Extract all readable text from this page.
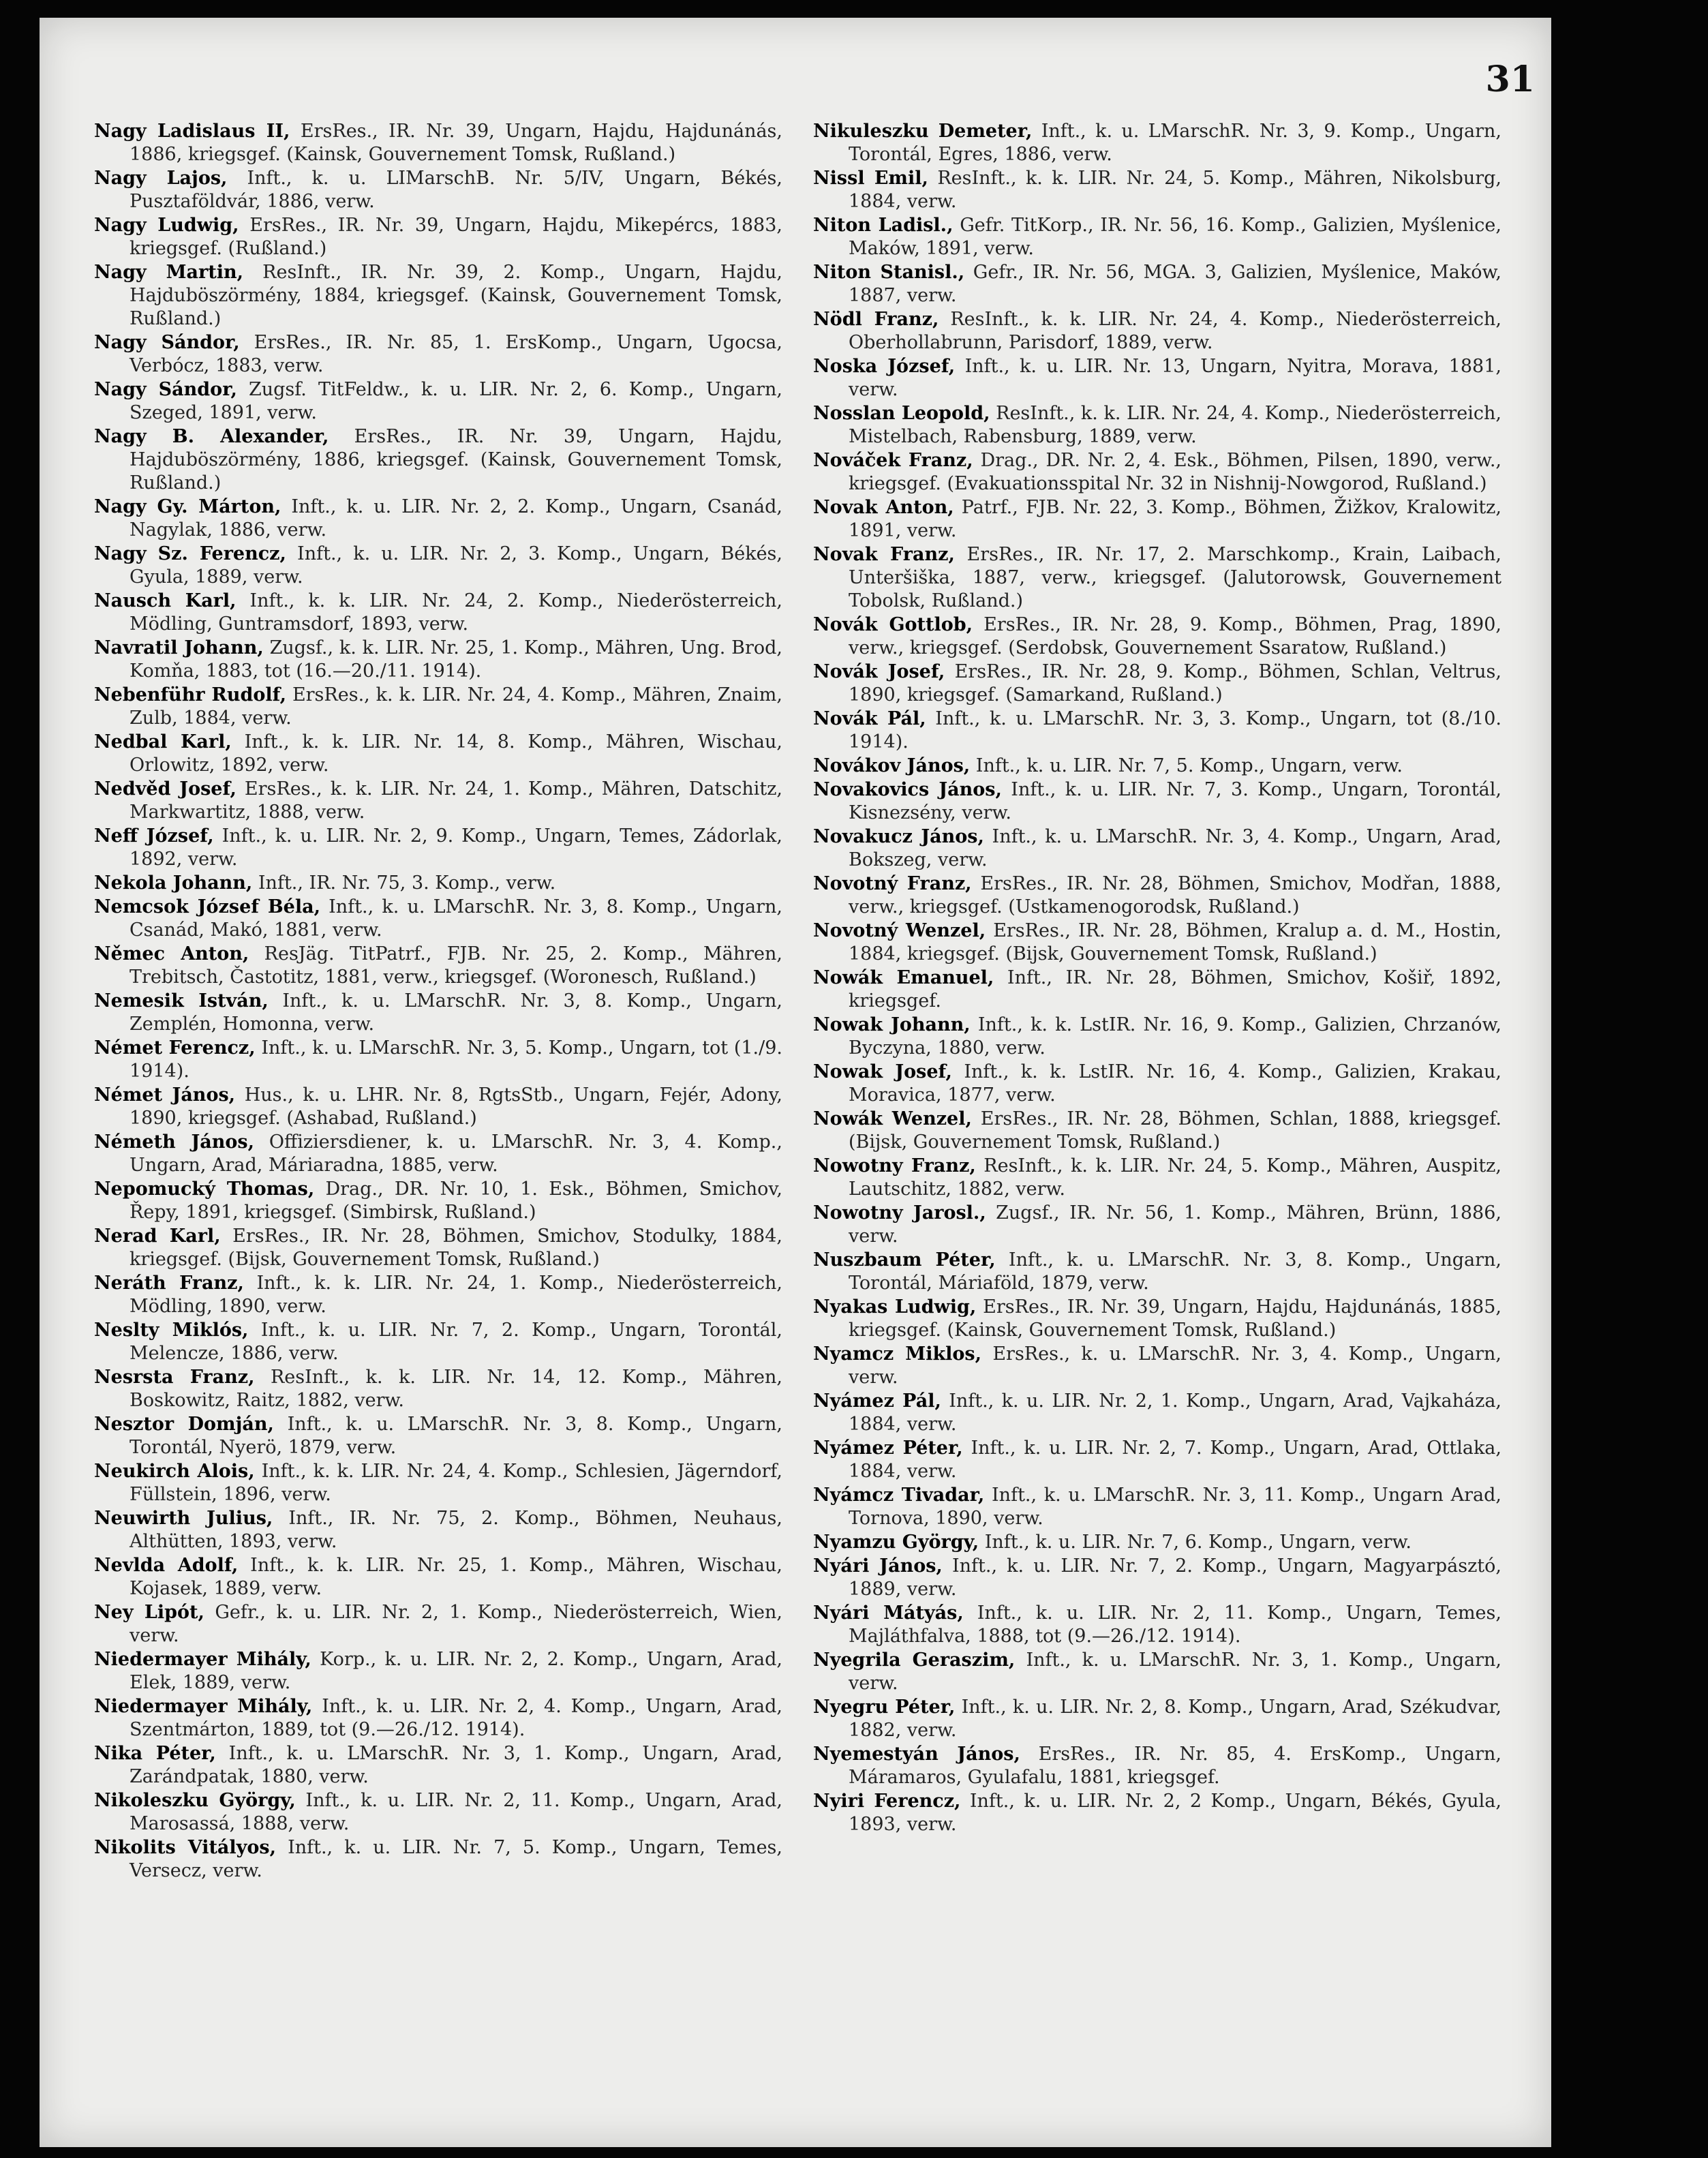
31

Nagy Ladislaus II, ErsRes., IR. Nr. 39, Ungarn, Hajdu, Hajdunánás, 1886, kriegsgef. (Kainsk, Gouvernement Tomsk, Rußland.)

Nagy Lajos, Inft., k. u. LIMarschB. Nr. 5/IV, Ungarn, Békés, Pusztaföldvár, 1886, verw.

Nagy Ludwig, ErsRes., IR. Nr. 39, Ungarn, Hajdu, Mikepércs, 1883, kriegsgef. (Rußland.)

Nagy Martin, ResInft., IR. Nr. 39, 2. Komp., Ungarn, Hajdu, Hajduböszörmény, 1884, kriegsgef. (Kainsk, Gouvernement Tomsk, Rußland.)

Nagy Sándor, ErsRes., IR. Nr. 85, 1. ErsKomp., Ungarn, Ugocsa, Verbócz, 1883, verw.

Nagy Sándor, Zugsf. TitFeldw., k. u. LIR. Nr. 2, 6. Komp., Ungarn, Szeged, 1891, verw.

Nagy B. Alexander, ErsRes., IR. Nr. 39, Ungarn, Hajdu, Hajduböszörmény, 1886, kriegsgef. (Kainsk, Gouvernement Tomsk, Rußland.)

Nagy Gy. Márton, Inft., k. u. LIR. Nr. 2, 2. Komp., Ungarn, Csanád, Nagylak, 1886, verw.

Nagy Sz. Ferencz, Inft., k. u. LIR. Nr. 2, 3. Komp., Ungarn, Békés, Gyula, 1889, verw.

Nausch Karl, Inft., k. k. LIR. Nr. 24, 2. Komp., Niederösterreich, Mödling, Guntramsdorf, 1893, verw.

Navratil Johann, Zugsf., k. k. LIR. Nr. 25, 1. Komp., Mähren, Ung. Brod, Komňa, 1883, tot (16.—20./11. 1914).

Nebenführ Rudolf, ErsRes., k. k. LIR. Nr. 24, 4. Komp., Mähren, Znaim, Zulb, 1884, verw.

Nedbal Karl, Inft., k. k. LIR. Nr. 14, 8. Komp., Mähren, Wischau, Orlowitz, 1892, verw.

Nedvěd Josef, ErsRes., k. k. LIR. Nr. 24, 1. Komp., Mähren, Datschitz, Markwartitz, 1888, verw.

Neff József, Inft., k. u. LIR. Nr. 2, 9. Komp., Ungarn, Temes, Zádorlak, 1892, verw.

Nekola Johann, Inft., IR. Nr. 75, 3. Komp., verw.

Nemcsok József Béla, Inft., k. u. LMarschR. Nr. 3, 8. Komp., Ungarn, Csanád, Makó, 1881, verw.

Němec Anton, ResJäg. TitPatrf., FJB. Nr. 25, 2. Komp., Mähren, Trebitsch, Častotitz, 1881, verw., kriegsgef. (Woronesch, Rußland.)

Nemesik István, Inft., k. u. LMarschR. Nr. 3, 8. Komp., Ungarn, Zemplén, Homonna, verw.

Német Ferencz, Inft., k. u. LMarschR. Nr. 3, 5. Komp., Ungarn, tot (1./9. 1914).

Német János, Hus., k. u. LHR. Nr. 8, RgtsStb., Ungarn, Fejér, Adony, 1890, kriegsgef. (Ashabad, Rußland.)

Németh János, Offiziersdiener, k. u. LMarschR. Nr. 3, 4. Komp., Ungarn, Arad, Máriaradna, 1885, verw.

Nepomucký Thomas, Drag., DR. Nr. 10, 1. Esk., Böhmen, Smichov, Řepy, 1891, kriegsgef. (Simbirsk, Rußland.)

Nerad Karl, ErsRes., IR. Nr. 28, Böhmen, Smichov, Stodulky, 1884, kriegsgef. (Bijsk, Gouvernement Tomsk, Rußland.)

Neráth Franz, Inft., k. k. LIR. Nr. 24, 1. Komp., Niederösterreich, Mödling, 1890, verw.

Neslty Miklós, Inft., k. u. LIR. Nr. 7, 2. Komp., Ungarn, Torontál, Melencze, 1886, verw.

Nesrsta Franz, ResInft., k. k. LIR. Nr. 14, 12. Komp., Mähren, Boskowitz, Raitz, 1882, verw.

Nesztor Domján, Inft., k. u. LMarschR. Nr. 3, 8. Komp., Ungarn, Torontál, Nyerö, 1879, verw.

Neukirch Alois, Inft., k. k. LIR. Nr. 24, 4. Komp., Schlesien, Jägerndorf, Füllstein, 1896, verw.

Neuwirth Julius, Inft., IR. Nr. 75, 2. Komp., Böhmen, Neuhaus, Althütten, 1893, verw.

Nevlda Adolf, Inft., k. k. LIR. Nr. 25, 1. Komp., Mähren, Wischau, Kojasek, 1889, verw.

Ney Lipót, Gefr., k. u. LIR. Nr. 2, 1. Komp., Niederösterreich, Wien, verw.

Niedermayer Mihály, Korp., k. u. LIR. Nr. 2, 2. Komp., Ungarn, Arad, Elek, 1889, verw.

Niedermayer Mihály, Inft., k. u. LIR. Nr. 2, 4. Komp., Ungarn, Arad, Szentmárton, 1889, tot (9.—26./12. 1914).

Nika Péter, Inft., k. u. LMarschR. Nr. 3, 1. Komp., Ungarn, Arad, Zarándpatak, 1880, verw.

Nikoleszku György, Inft., k. u. LIR. Nr. 2, 11. Komp., Ungarn, Arad, Marosassá, 1888, verw.

Nikolits Vitályos, Inft., k. u. LIR. Nr. 7, 5. Komp., Ungarn, Temes, Versecz, verw.

Nikuleszku Demeter, Inft., k. u. LMarschR. Nr. 3, 9. Komp., Ungarn, Torontál, Egres, 1886, verw.

Nissl Emil, ResInft., k. k. LIR. Nr. 24, 5. Komp., Mähren, Nikolsburg, 1884, verw.

Niton Ladisl., Gefr. TitKorp., IR. Nr. 56, 16. Komp., Galizien, Myślenice, Maków, 1891, verw.

Niton Stanisl., Gefr., IR. Nr. 56, MGA. 3, Galizien, Myślenice, Maków, 1887, verw.

Nödl Franz, ResInft., k. k. LIR. Nr. 24, 4. Komp., Niederösterreich, Oberhollabrunn, Parisdorf, 1889, verw.

Noska József, Inft., k. u. LIR. Nr. 13, Ungarn, Nyitra, Morava, 1881, verw.

Nosslan Leopold, ResInft., k. k. LIR. Nr. 24, 4. Komp., Niederösterreich, Mistelbach, Rabensburg, 1889, verw.

Nováček Franz, Drag., DR. Nr. 2, 4. Esk., Böhmen, Pilsen, 1890, verw., kriegsgef. (Evakuationsspital Nr. 32 in Nishnij-Nowgorod, Rußland.)

Novak Anton, Patrf., FJB. Nr. 22, 3. Komp., Böhmen, Žižkov, Kralowitz, 1891, verw.

Novak Franz, ErsRes., IR. Nr. 17, 2. Marschkomp., Krain, Laibach, Unteršiška, 1887, verw., kriegsgef. (Jalutorowsk, Gouvernement Tobolsk, Rußland.)

Novák Gottlob, ErsRes., IR. Nr. 28, 9. Komp., Böhmen, Prag, 1890, verw., kriegsgef. (Serdobsk, Gouvernement Ssaratow, Rußland.)

Novák Josef, ErsRes., IR. Nr. 28, 9. Komp., Böhmen, Schlan, Veltrus, 1890, kriegsgef. (Samarkand, Rußland.)

Novák Pál, Inft., k. u. LMarschR. Nr. 3, 3. Komp., Ungarn, tot (8./10. 1914).

Novákov János, Inft., k. u. LIR. Nr. 7, 5. Komp., Ungarn, verw.

Novakovics János, Inft., k. u. LIR. Nr. 7, 3. Komp., Ungarn, Torontál, Kisnezsény, verw.

Novakucz János, Inft., k. u. LMarschR. Nr. 3, 4. Komp., Ungarn, Arad, Bokszeg, verw.

Novotný Franz, ErsRes., IR. Nr. 28, Böhmen, Smichov, Modřan, 1888, verw., kriegsgef. (Ustkamenogorodsk, Rußland.)

Novotný Wenzel, ErsRes., IR. Nr. 28, Böhmen, Kralup a. d. M., Hostin, 1884, kriegsgef. (Bijsk, Gouvernement Tomsk, Rußland.)

Nowák Emanuel, Inft., IR. Nr. 28, Böhmen, Smichov, Košiř, 1892, kriegsgef.

Nowak Johann, Inft., k. k. LstIR. Nr. 16, 9. Komp., Galizien, Chrzanów, Byczyna, 1880, verw.

Nowak Josef, Inft., k. k. LstIR. Nr. 16, 4. Komp., Galizien, Krakau, Moravica, 1877, verw.

Nowák Wenzel, ErsRes., IR. Nr. 28, Böhmen, Schlan, 1888, kriegsgef. (Bijsk, Gouvernement Tomsk, Rußland.)

Nowotny Franz, ResInft., k. k. LIR. Nr. 24, 5. Komp., Mähren, Auspitz, Lautschitz, 1882, verw.

Nowotny Jarosl., Zugsf., IR. Nr. 56, 1. Komp., Mähren, Brünn, 1886, verw.

Nuszbaum Péter, Inft., k. u. LMarschR. Nr. 3, 8. Komp., Ungarn, Torontál, Máriaföld, 1879, verw.

Nyakas Ludwig, ErsRes., IR. Nr. 39, Ungarn, Hajdu, Hajdunánás, 1885, kriegsgef. (Kainsk, Gouvernement Tomsk, Rußland.)

Nyamcz Miklos, ErsRes., k. u. LMarschR. Nr. 3, 4. Komp., Ungarn, verw.

Nyámez Pál, Inft., k. u. LIR. Nr. 2, 1. Komp., Ungarn, Arad, Vajkaháza, 1884, verw.

Nyámez Péter, Inft., k. u. LIR. Nr. 2, 7. Komp., Ungarn, Arad, Ottlaka, 1884, verw.

Nyámcz Tivadar, Inft., k. u. LMarschR. Nr. 3, 11. Komp., Ungarn Arad, Tornova, 1890, verw.

Nyamzu György, Inft., k. u. LIR. Nr. 7, 6. Komp., Ungarn, verw.

Nyári János, Inft., k. u. LIR. Nr. 7, 2. Komp., Ungarn, Magyarpásztó, 1889, verw.

Nyári Mátyás, Inft., k. u. LIR. Nr. 2, 11. Komp., Ungarn, Temes, Majláthfalva, 1888, tot (9.—26./12. 1914).

Nyegrila Geraszim, Inft., k. u. LMarschR. Nr. 3, 1. Komp., Ungarn, verw.

Nyegru Péter, Inft., k. u. LIR. Nr. 2, 8. Komp., Ungarn, Arad, Székudvar, 1882, verw.

Nyemestyán János, ErsRes., IR. Nr. 85, 4. ErsKomp., Ungarn, Máramaros, Gyulafalu, 1881, kriegsgef.

Nyiri Ferencz, Inft., k. u. LIR. Nr. 2, 2 Komp., Ungarn, Békés, Gyula, 1893, verw.
